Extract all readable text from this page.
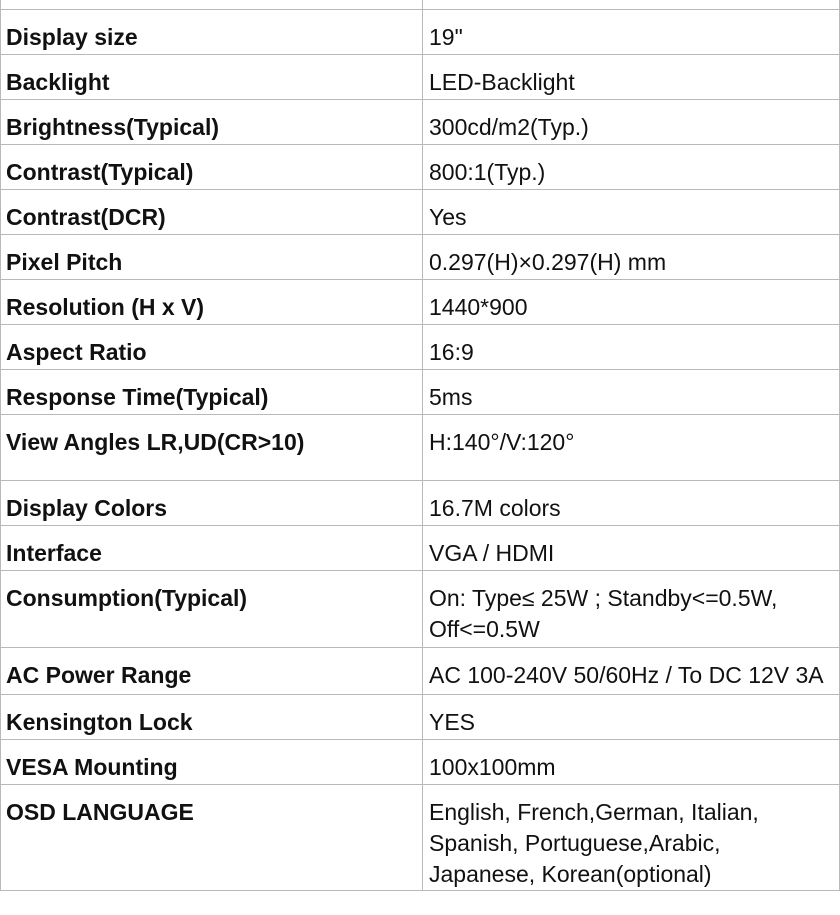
Display size	19"
Backlight	LED-Backlight
Brightness(Typical)	300cd/m2(Typ.)
Contrast(Typical)	800:1(Typ.)
Contrast(DCR)	Yes
Pixel Pitch	0.297(H)×0.297(H) mm
Resolution (H x V)	1440*900
Aspect Ratio	16:9
Response Time(Typical)	5ms
View Angles LR,UD(CR>10)	H:140°/V:120°
Display Colors	16.7M colors
Interface	VGA / HDMI
Consumption(Typical)	On: Type≤ 25W ; Standby<=0.5W, Off<=0.5W
AC Power Range	AC 100-240V 50/60Hz / To DC 12V 3A
Kensington Lock	YES
VESA Mounting	100x100mm
OSD LANGUAGE	English, French,German, Italian, Spanish, Portuguese,Arabic, Japanese, Korean(optional)
